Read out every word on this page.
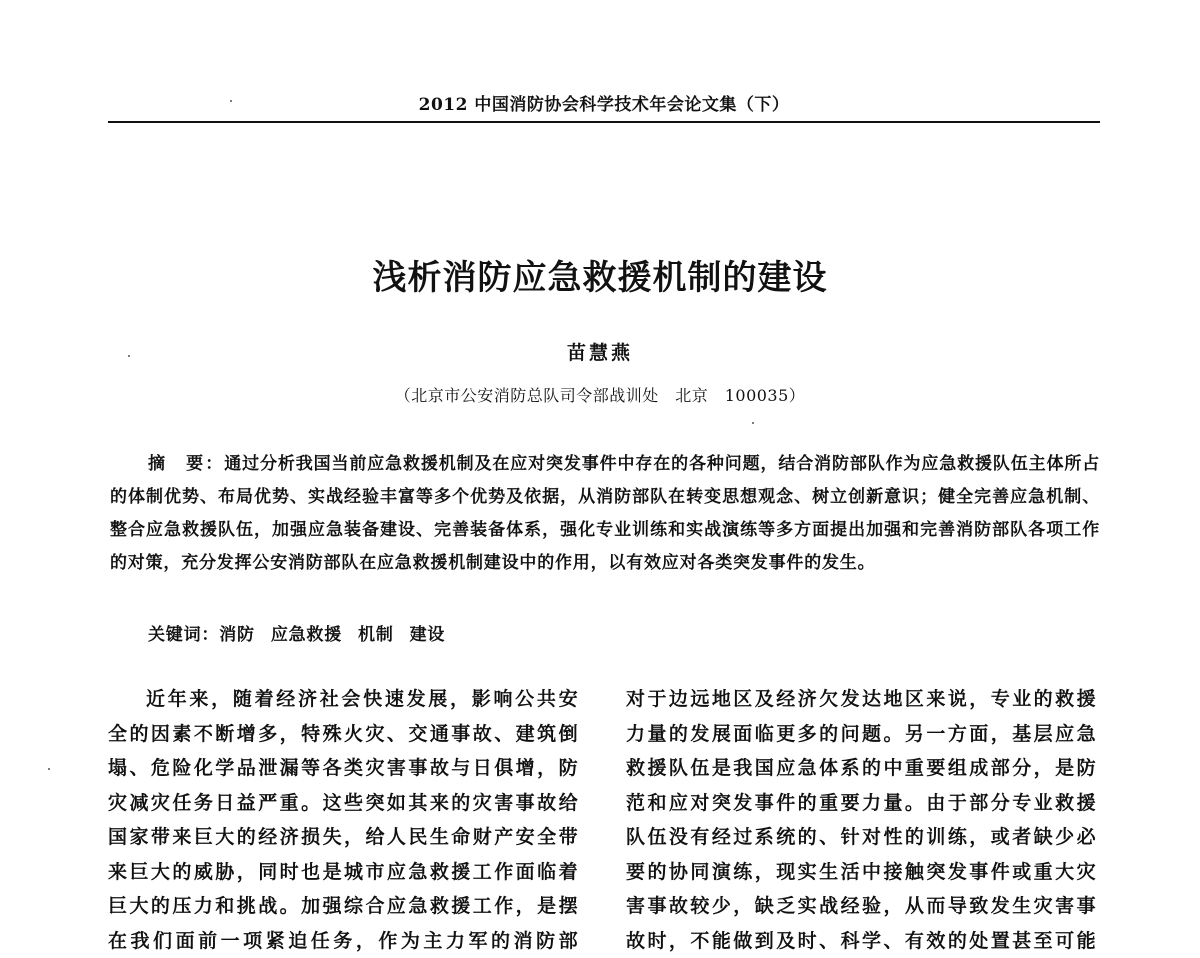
2012 中国消防协会科学技术年会论文集（下）
浅析消防应急救援机制的建设
苗慧燕
（北京市公安消防总队司令部战训处　北京　100035）
摘　要：通过分析我国当前应急救援机制及在应对突发事件中存在的各种问题，结合消防部队作为应急救援队伍主体所占的体制优势、布局优势、实战经验丰富等多个优势及依据，从消防部队在转变思想观念、树立创新意识；健全完善应急机制、整合应急救援队伍，加强应急装备建设、完善装备体系，强化专业训练和实战演练等多方面提出加强和完善消防部队各项工作的对策，充分发挥公安消防部队在应急救援机制建设中的作用，以有效应对各类突发事件的发生。
关键词：消防 应急救援 机制 建设
近年来，随着经济社会快速发展，影响公共安
全的因素不断增多，特殊火灾、交通事故、建筑倒
塌、危险化学品泄漏等各类灾害事故与日俱增，防
灾减灾任务日益严重。这些突如其来的灾害事故给
国家带来巨大的经济损失，给人民生命财产安全带
来巨大的威胁，同时也是城市应急救援工作面临着
巨大的压力和挑战。加强综合应急救援工作，是摆
在我们面前一项紧迫任务，作为主力军的消防部
对于边远地区及经济欠发达地区来说，专业的救援
力量的发展面临更多的问题。另一方面，基层应急
救援队伍是我国应急体系的中重要组成部分，是防
范和应对突发事件的重要力量。由于部分专业救援
队伍没有经过系统的、针对性的训练，或者缺少必
要的协同演练，现实生活中接触突发事件或重大灾
害事故较少，缺乏实战经验，从而导致发生灾害事
故时，不能做到及时、科学、有效的处置甚至可能
